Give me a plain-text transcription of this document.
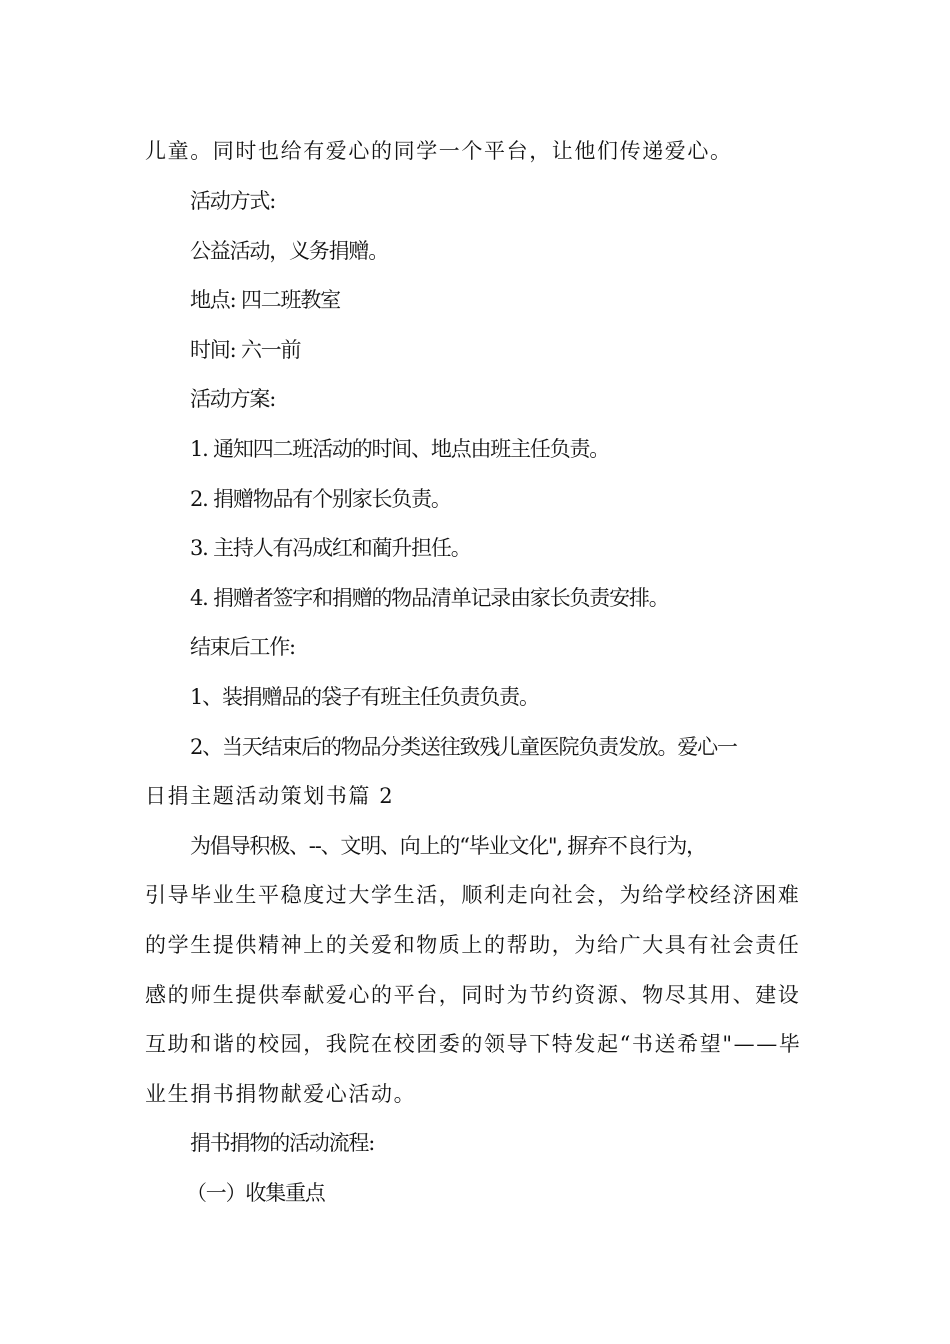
儿童。同时也给有爱心的同学一个平台，让他们传递爱心。
活动方式:
公益活动，义务捐赠。
地点: 四二班教室
时间: 六一前
活动方案:
1. 通知四二班活动的时间、地点由班主任负责。
2. 捐赠物品有个别家长负责。
3. 主持人有冯成红和蔺升担任。
4. 捐赠者签字和捐赠的物品清单记录由家长负责安排。
结束后工作:
1、装捐赠品的袋子有班主任负责负责。
2、当天结束后的物品分类送往致残儿童医院负责发放。爱心一
日捐主题活动策划书篇 2
为倡导积极、--、文明、向上的“毕业文化", 摒弃不良行为，
引导毕业生平稳度过大学生活，顺利走向社会，为给学校经济困难
的学生提供精神上的关爱和物质上的帮助，为给广大具有社会责任
感的师生提供奉献爱心的平台，同时为节约资源、物尽其用、建设
互助和谐的校园，我院在校团委的领导下特发起“书送希望"——毕
业生捐书捐物献爱心活动。
捐书捐物的活动流程:
（一）收集重点
